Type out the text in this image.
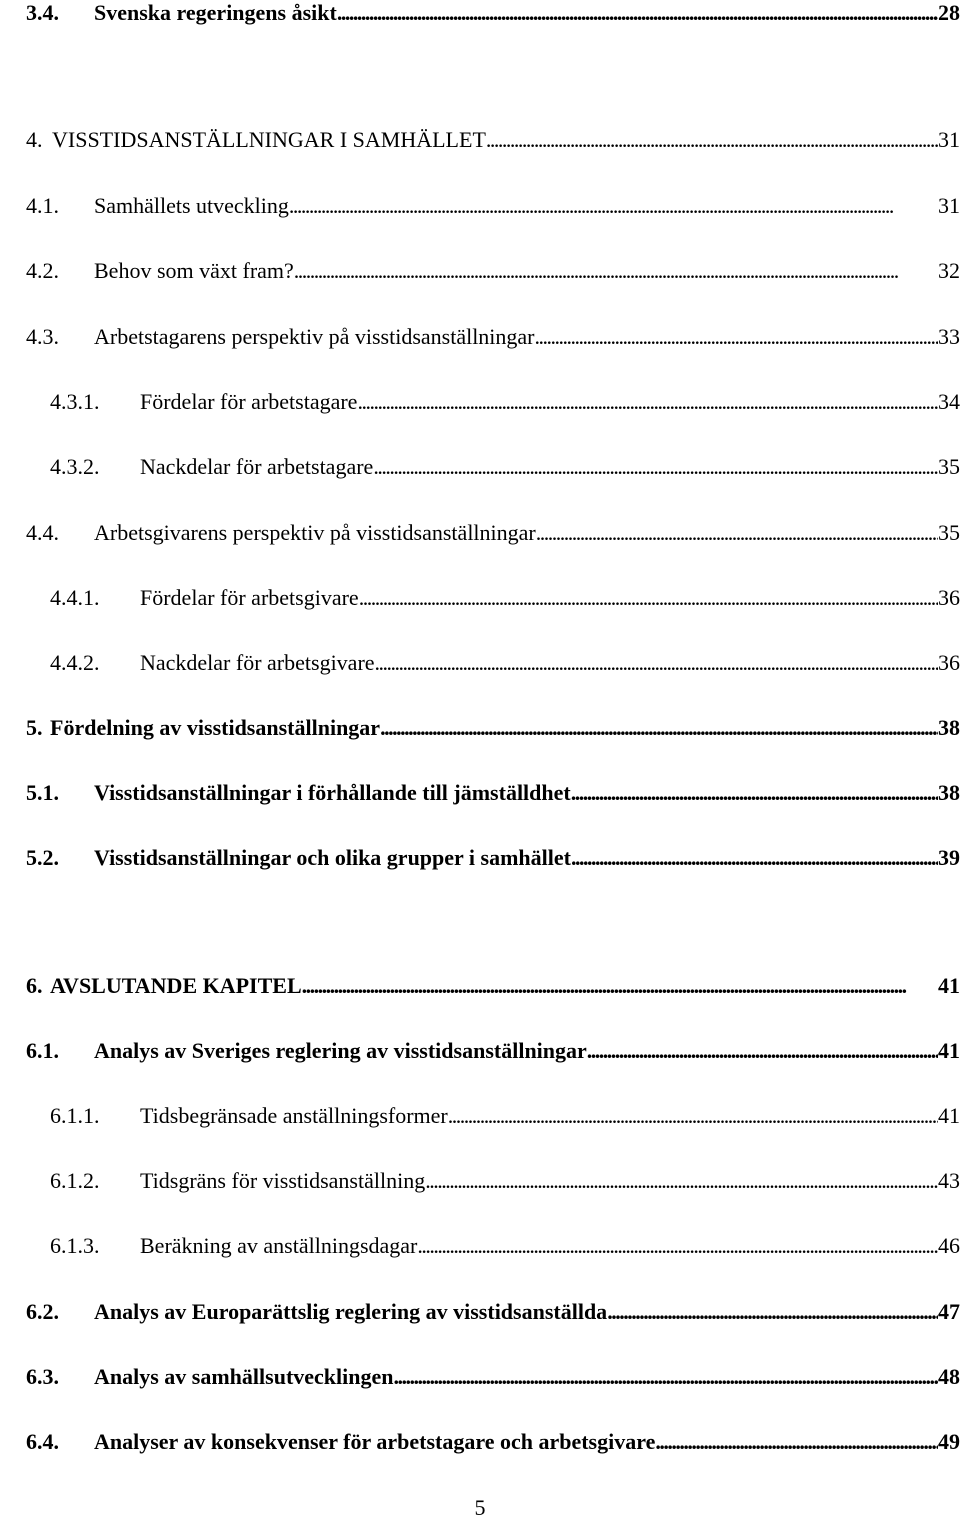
3.4.	Svenska regeringens åsikt . . .	28
4. VISSTIDSANSTÄLLNINGAR I SAMHÄLLET . . .	31
4.1.	Samhällets utveckling . . .	31
4.2.	Behov som växt fram? . . .	32
4.3.	Arbetstagarens perspektiv på visstidsanställningar . . .	33
4.3.1.	Fördelar för arbetstagare . . .	34
4.3.2.	Nackdelar för arbetstagare . . .	35
4.4.	Arbetsgivarens perspektiv på visstidsanställningar . . .	35
4.4.1.	Fördelar för arbetsgivare . . .	36
4.4.2.	Nackdelar för arbetsgivare . . .	36
5. Fördelning av visstidsanställningar . . .	38
5.1.	Visstidsanställningar i förhållande till jämställdhet . . .	38
5.2.	Visstidsanställningar och olika grupper i samhället . . .	39
6. AVSLUTANDE KAPITEL . . .	41
6.1.	Analys av Sveriges reglering av visstidsanställningar . . .	41
6.1.1.	Tidsbegränsade anställningsformer . . .	41
6.1.2.	Tidsgräns för visstidsanställning . . .	43
6.1.3.	Beräkning av anställningsdagar . . .	46
6.2.	Analys av Europarättslig reglering av visstidsanställda . . .	47
6.3.	Analys av samhällsutvecklingen . . .	48
6.4.	Analyser av konsekvenser för arbetstagare och arbetsgivare . . .	49
5
